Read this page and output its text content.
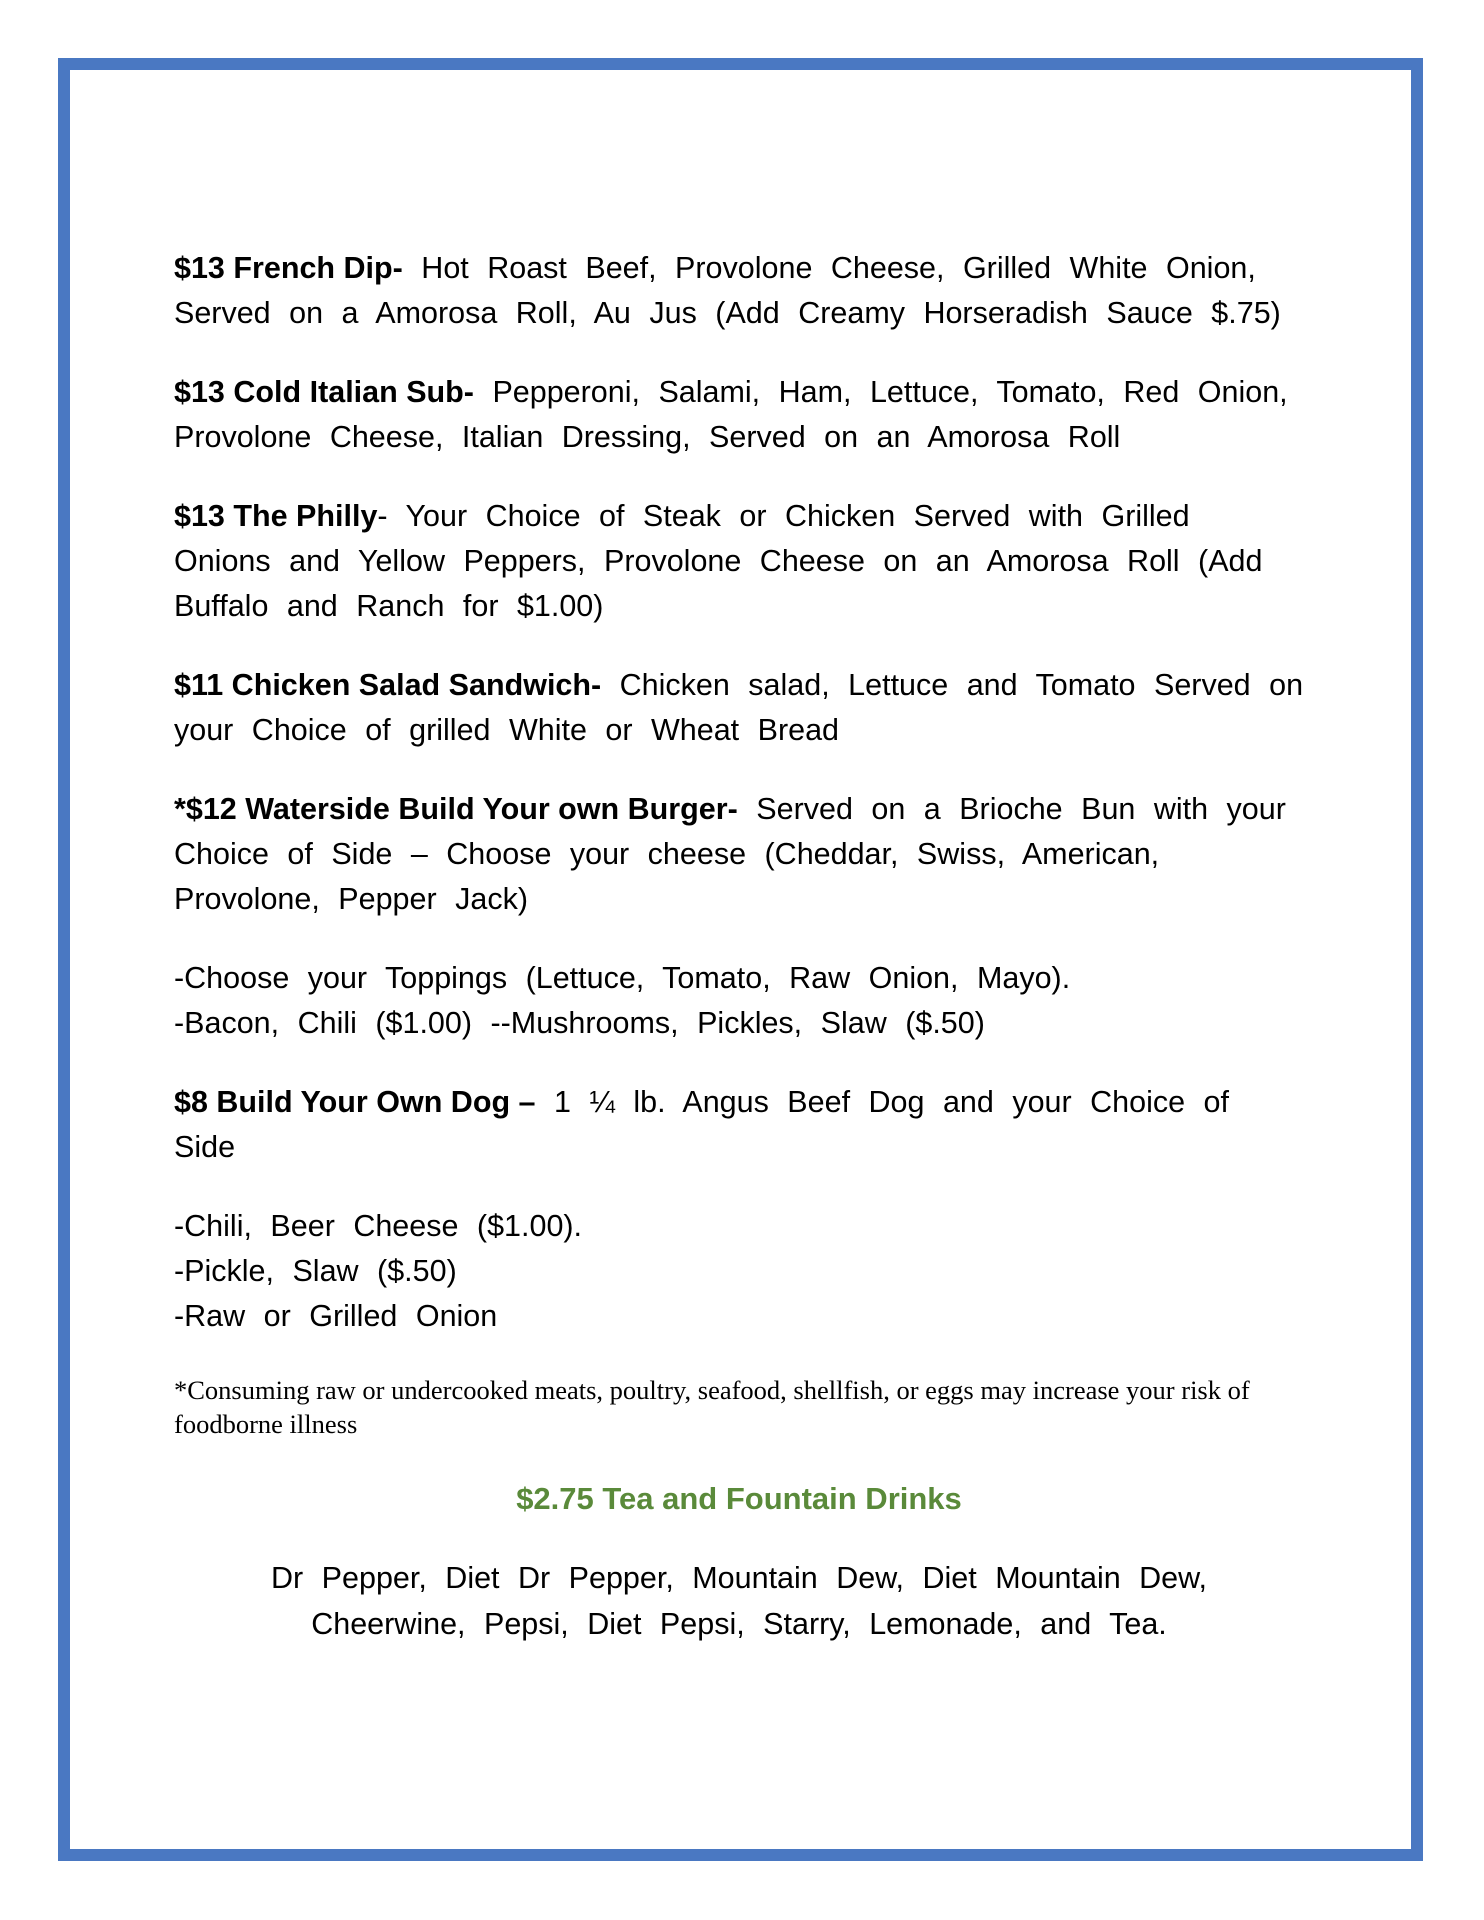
$13 French Dip- Hot Roast Beef, Provolone Cheese, Grilled White Onion, Served on a Amorosa Roll, Au Jus (Add Creamy Horseradish Sauce $.75)

$13 Cold Italian Sub- Pepperoni, Salami, Ham, Lettuce, Tomato, Red Onion, Provolone Cheese, Italian Dressing, Served on an Amorosa Roll

$13 The Philly- Your Choice of Steak or Chicken Served with Grilled Onions and Yellow Peppers, Provolone Cheese on an Amorosa Roll (Add Buffalo and Ranch for $1.00)

$11 Chicken Salad Sandwich- Chicken salad, Lettuce and Tomato Served on your Choice of grilled White or Wheat Bread

*$12 Waterside Build Your own Burger- Served on a Brioche Bun with your Choice of Side – Choose your cheese (Cheddar, Swiss, American, Provolone, Pepper Jack)

-Choose your Toppings (Lettuce, Tomato, Raw Onion, Mayo).
-Bacon, Chili ($1.00) --Mushrooms, Pickles, Slaw ($.50)

$8 Build Your Own Dog – 1 ¼ lb. Angus Beef Dog and your Choice of Side

-Chili, Beer Cheese ($1.00).
-Pickle, Slaw ($.50)
-Raw or Grilled Onion

*Consuming raw or undercooked meats, poultry, seafood, shellfish, or eggs may increase your risk of foodborne illness

$2.75 Tea and Fountain Drinks
Dr Pepper, Diet Dr Pepper, Mountain Dew, Diet Mountain Dew, Cheerwine, Pepsi, Diet Pepsi, Starry, Lemonade, and Tea.
